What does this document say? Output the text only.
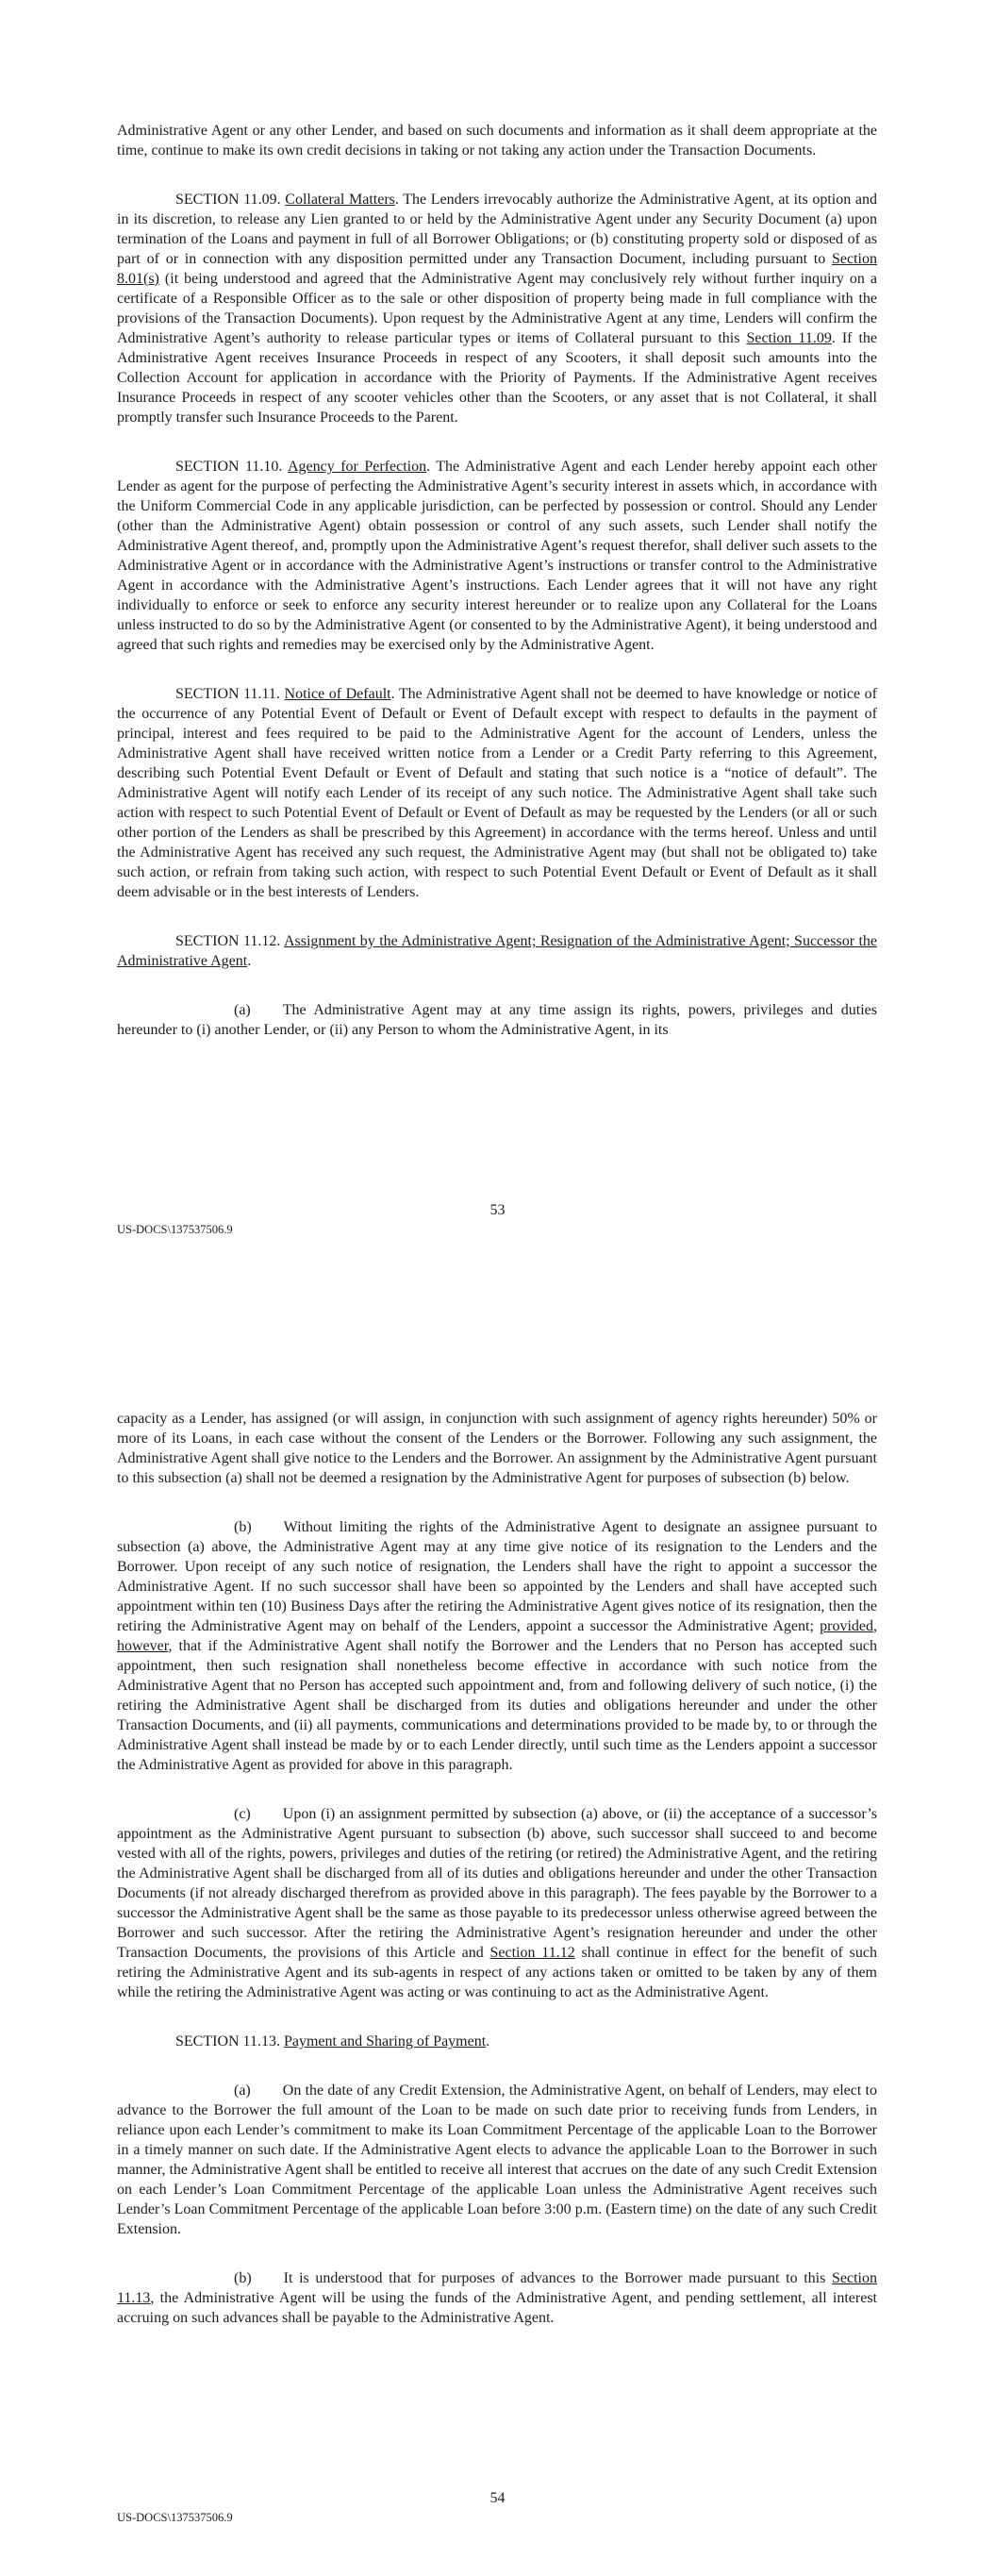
Administrative Agent or any other Lender, and based on such documents and information as it shall deem appropriate at the time, continue to make its own credit decisions in taking or not taking any action under the Transaction Documents.

SECTION 11.09. Collateral Matters. The Lenders irrevocably authorize the Administrative Agent, at its option and in its discretion, to release any Lien granted to or held by the Administrative Agent under any Security Document (a) upon termination of the Loans and payment in full of all Borrower Obligations; or (b) constituting property sold or disposed of as part of or in connection with any disposition permitted under any Transaction Document, including pursuant to Section 8.01(s) (it being understood and agreed that the Administrative Agent may conclusively rely without further inquiry on a certificate of a Responsible Officer as to the sale or other disposition of property being made in full compliance with the provisions of the Transaction Documents). Upon request by the Administrative Agent at any time, Lenders will confirm the Administrative Agent’s authority to release particular types or items of Collateral pursuant to this Section 11.09. If the Administrative Agent receives Insurance Proceeds in respect of any Scooters, it shall deposit such amounts into the Collection Account for application in accordance with the Priority of Payments. If the Administrative Agent receives Insurance Proceeds in respect of any scooter vehicles other than the Scooters, or any asset that is not Collateral, it shall promptly transfer such Insurance Proceeds to the Parent.

SECTION 11.10. Agency for Perfection. The Administrative Agent and each Lender hereby appoint each other Lender as agent for the purpose of perfecting the Administrative Agent’s security interest in assets which, in accordance with the Uniform Commercial Code in any applicable jurisdiction, can be perfected by possession or control. Should any Lender (other than the Administrative Agent) obtain possession or control of any such assets, such Lender shall notify the Administrative Agent thereof, and, promptly upon the Administrative Agent’s request therefor, shall deliver such assets to the Administrative Agent or in accordance with the Administrative Agent’s instructions or transfer control to the Administrative Agent in accordance with the Administrative Agent’s instructions. Each Lender agrees that it will not have any right individually to enforce or seek to enforce any security interest hereunder or to realize upon any Collateral for the Loans unless instructed to do so by the Administrative Agent (or consented to by the Administrative Agent), it being understood and agreed that such rights and remedies may be exercised only by the Administrative Agent.

SECTION 11.11. Notice of Default. The Administrative Agent shall not be deemed to have knowledge or notice of the occurrence of any Potential Event of Default or Event of Default except with respect to defaults in the payment of principal, interest and fees required to be paid to the Administrative Agent for the account of Lenders, unless the Administrative Agent shall have received written notice from a Lender or a Credit Party referring to this Agreement, describing such Potential Event Default or Event of Default and stating that such notice is a “notice of default”. The Administrative Agent will notify each Lender of its receipt of any such notice. The Administrative Agent shall take such action with respect to such Potential Event of Default or Event of Default as may be requested by the Lenders (or all or such other portion of the Lenders as shall be prescribed by this Agreement) in accordance with the terms hereof. Unless and until the Administrative Agent has received any such request, the Administrative Agent may (but shall not be obligated to) take such action, or refrain from taking such action, with respect to such Potential Event Default or Event of Default as it shall deem advisable or in the best interests of Lenders.

SECTION 11.12. Assignment by the Administrative Agent; Resignation of the Administrative Agent; Successor the Administrative Agent.

(a) The Administrative Agent may at any time assign its rights, powers, privileges and duties hereunder to (i) another Lender, or (ii) any Person to whom the Administrative Agent, in its

53
US-DOCS\137537506.9

capacity as a Lender, has assigned (or will assign, in conjunction with such assignment of agency rights hereunder) 50% or more of its Loans, in each case without the consent of the Lenders or the Borrower. Following any such assignment, the Administrative Agent shall give notice to the Lenders and the Borrower. An assignment by the Administrative Agent pursuant to this subsection (a) shall not be deemed a resignation by the Administrative Agent for purposes of subsection (b) below.

(b) Without limiting the rights of the Administrative Agent to designate an assignee pursuant to subsection (a) above, the Administrative Agent may at any time give notice of its resignation to the Lenders and the Borrower. Upon receipt of any such notice of resignation, the Lenders shall have the right to appoint a successor the Administrative Agent. If no such successor shall have been so appointed by the Lenders and shall have accepted such appointment within ten (10) Business Days after the retiring the Administrative Agent gives notice of its resignation, then the retiring the Administrative Agent may on behalf of the Lenders, appoint a successor the Administrative Agent; provided, however, that if the Administrative Agent shall notify the Borrower and the Lenders that no Person has accepted such appointment, then such resignation shall nonetheless become effective in accordance with such notice from the Administrative Agent that no Person has accepted such appointment and, from and following delivery of such notice, (i) the retiring the Administrative Agent shall be discharged from its duties and obligations hereunder and under the other Transaction Documents, and (ii) all payments, communications and determinations provided to be made by, to or through the Administrative Agent shall instead be made by or to each Lender directly, until such time as the Lenders appoint a successor the Administrative Agent as provided for above in this paragraph.

(c) Upon (i) an assignment permitted by subsection (a) above, or (ii) the acceptance of a successor’s appointment as the Administrative Agent pursuant to subsection (b) above, such successor shall succeed to and become vested with all of the rights, powers, privileges and duties of the retiring (or retired) the Administrative Agent, and the retiring the Administrative Agent shall be discharged from all of its duties and obligations hereunder and under the other Transaction Documents (if not already discharged therefrom as provided above in this paragraph). The fees payable by the Borrower to a successor the Administrative Agent shall be the same as those payable to its predecessor unless otherwise agreed between the Borrower and such successor. After the retiring the Administrative Agent’s resignation hereunder and under the other Transaction Documents, the provisions of this Article and Section 11.12 shall continue in effect for the benefit of such retiring the Administrative Agent and its sub-agents in respect of any actions taken or omitted to be taken by any of them while the retiring the Administrative Agent was acting or was continuing to act as the Administrative Agent.

SECTION 11.13. Payment and Sharing of Payment.

(a) On the date of any Credit Extension, the Administrative Agent, on behalf of Lenders, may elect to advance to the Borrower the full amount of the Loan to be made on such date prior to receiving funds from Lenders, in reliance upon each Lender’s commitment to make its Loan Commitment Percentage of the applicable Loan to the Borrower in a timely manner on such date. If the Administrative Agent elects to advance the applicable Loan to the Borrower in such manner, the Administrative Agent shall be entitled to receive all interest that accrues on the date of any such Credit Extension on each Lender’s Loan Commitment Percentage of the applicable Loan unless the Administrative Agent receives such Lender’s Loan Commitment Percentage of the applicable Loan before 3:00 p.m. (Eastern time) on the date of any such Credit Extension.

(b) It is understood that for purposes of advances to the Borrower made pursuant to this Section 11.13, the Administrative Agent will be using the funds of the Administrative Agent, and pending settlement, all interest accruing on such advances shall be payable to the Administrative Agent.

54
US-DOCS\137537506.9
